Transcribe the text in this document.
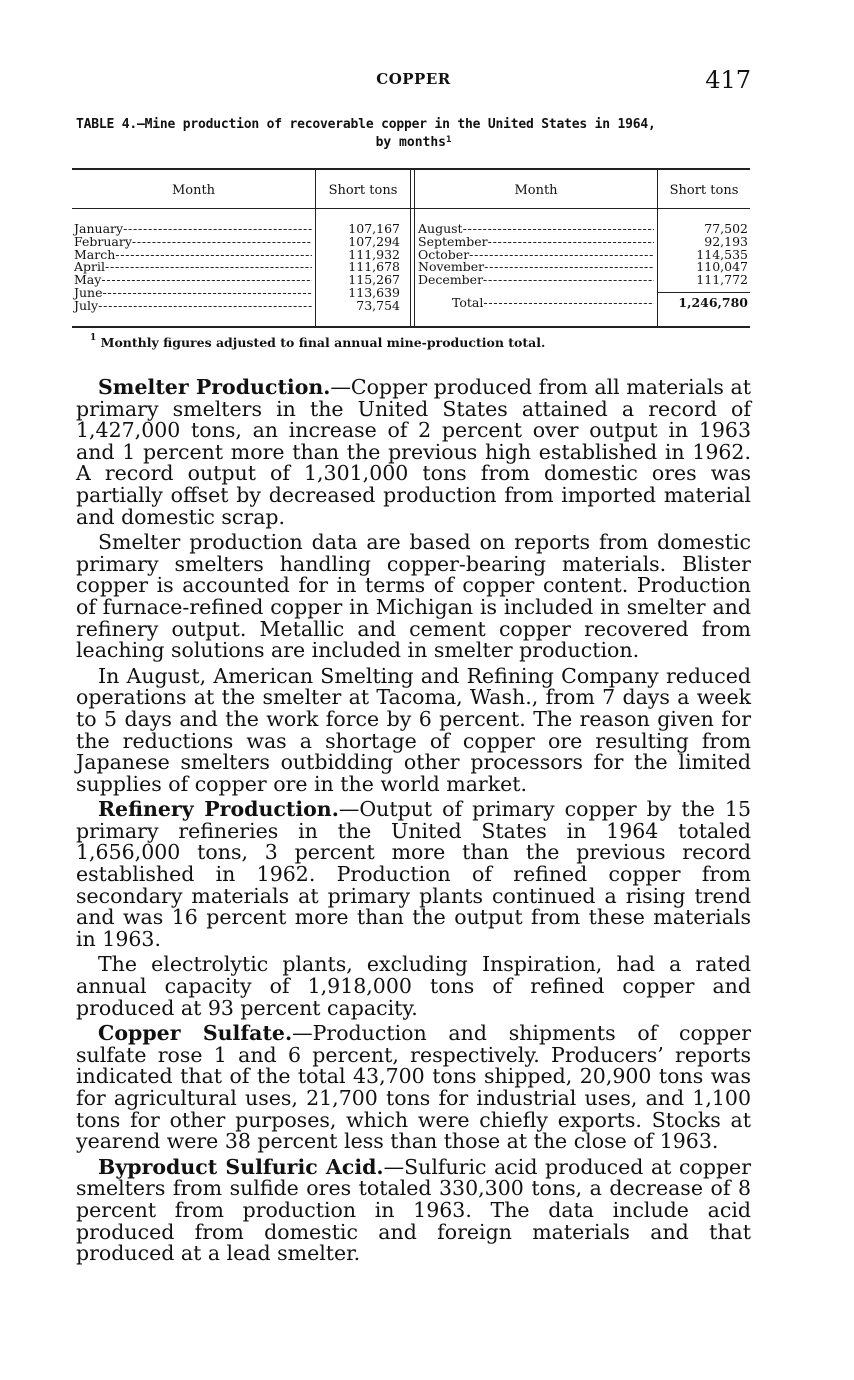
COPPER	417
TABLE 4.—Mine production of recoverable copper in the United States in 1964,
by months$^1$
Month	Short tons	Month	Short tons
January
- - -
February
- - -
March
- - -
April
- - -
May
- - -
June
- - -
July
- - -
107,167
107,294
111,932
111,678
115,267
113,639
73,754
August
- - -
September
- - -
October
- - -
November
- - -
December
- - -
77,502
92,193
114,535
110,047
111,772
Total
- - -	1,246,780
$^1$ Monthly figures adjusted to final annual mine-production total.

Smelter Production.—Copper produced from all materials at primary smelters in the United States attained a record of 1,427,000 tons, an increase of 2 percent over output in 1963 and 1 percent more than the previous high established in 1962. A record output of 1,301,000 tons from domestic ores was partially offset by decreased production from imported material and domestic scrap.

Smelter production data are based on reports from domestic primary smelters handling copper-bearing materials. Blister copper is accounted for in terms of copper content. Production of furnace-refined copper in Michigan is included in smelter and refinery output. Metallic and cement copper recovered from leaching solutions are included in smelter production.

In August, American Smelting and Refining Company reduced operations at the smelter at Tacoma, Wash., from 7 days a week to 5 days and the work force by 6 percent. The reason given for the reductions was a shortage of copper ore resulting from Japanese smelters outbidding other processors for the limited supplies of copper ore in the world market.

Refinery Production.—Output of primary copper by the 15 primary refineries in the United States in 1964 totaled 1,656,000 tons, 3 percent more than the previous record established in 1962. Production of refined copper from secondary materials at primary plants continued a rising trend and was 16 percent more than the output from these materials in 1963.

The electrolytic plants, excluding Inspiration, had a rated annual capacity of 1,918,000 tons of refined copper and produced at 93 percent capacity.

Copper Sulfate.—Production and shipments of copper sulfate rose 1 and 6 percent, respectively. Producers’ reports indicated that of the total 43,700 tons shipped, 20,900 tons was for agricultural uses, 21,700 tons for industrial uses, and 1,100 tons for other purposes, which were chiefly exports. Stocks at yearend were 38 percent less than those at the close of 1963.

Byproduct Sulfuric Acid.—Sulfuric acid produced at copper smelters from sulfide ores totaled 330,300 tons, a decrease of 8 percent from production in 1963. The data include acid produced from domestic and foreign materials and that produced at a lead smelter.
